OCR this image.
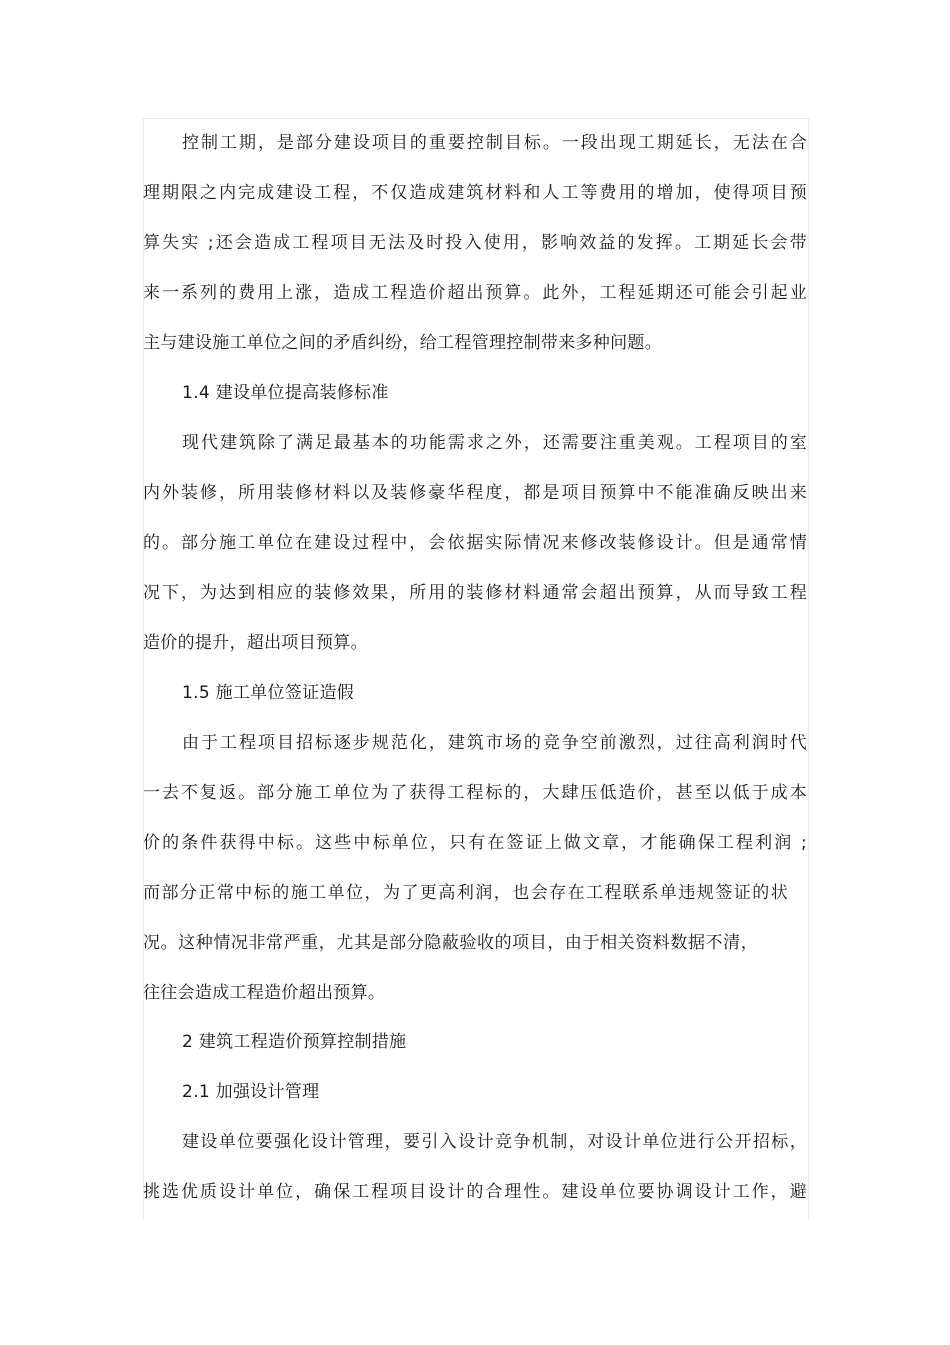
控制工期，是部分建设项目的重要控制目标。一段出现工期延长，无法在合
理期限之内完成建设工程，不仅造成建筑材料和人工等费用的增加，使得项目预
算失实 ;还会造成工程项目无法及时投入使用，影响效益的发挥。工期延长会带
来一系列的费用上涨，造成工程造价超出预算。此外，工程延期还可能会引起业
主与建设施工单位之间的矛盾纠纷，给工程管理控制带来多种问题。
1.4 建设单位提高装修标准
现代建筑除了满足最基本的功能需求之外，还需要注重美观。工程项目的室
内外装修，所用装修材料以及装修豪华程度，都是项目预算中不能准确反映出来
的。部分施工单位在建设过程中，会依据实际情况来修改装修设计。但是通常情
况下，为达到相应的装修效果，所用的装修材料通常会超出预算，从而导致工程
造价的提升，超出项目预算。
1.5 施工单位签证造假
由于工程项目招标逐步规范化，建筑市场的竞争空前激烈，过往高利润时代
一去不复返。部分施工单位为了获得工程标的，大肆压低造价，甚至以低于成本
价的条件获得中标。这些中标单位，只有在签证上做文章，才能确保工程利润 ;
而部分正常中标的施工单位，为了更高利润，也会存在工程联系单违规签证的状
况。这种情况非常严重，尤其是部分隐蔽验收的项目，由于相关资料数据不清，
往往会造成工程造价超出预算。
2 建筑工程造价预算控制措施
2.1 加强设计管理
建设单位要强化设计管理，要引入设计竞争机制，对设计单位进行公开招标，
挑选优质设计单位，确保工程项目设计的合理性。建设单位要协调设计工作，避
